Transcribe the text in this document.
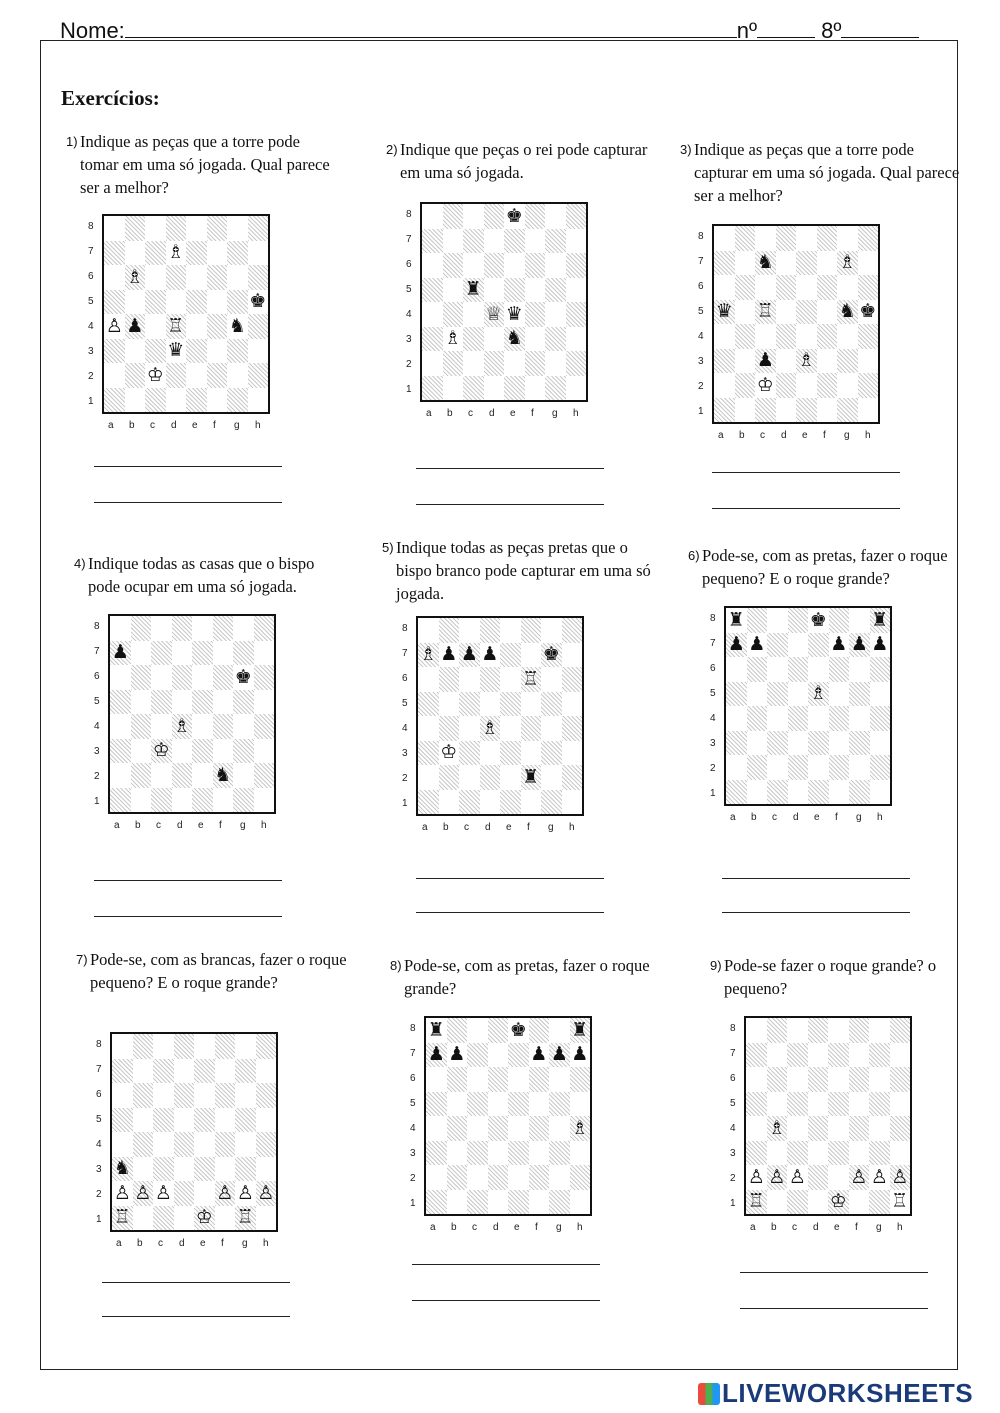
Nome:	nº	8º
Exercícios:
1) Indique as peças que a torre pode tomar em uma só jogada. Qual parece ser a melhor?
8
7
6
5
4
3
2
1
♗
♗
♚
♙ ♟ ♖ ♞
♛
♔
a b c d e f g h
2) Indique que peças o rei pode capturar em uma só jogada.
8
7
6
5
4
3
2
1
♚
♜
♕ ♛
♗ ♞
a b c d e f g h
3) Indique as peças que a torre pode capturar em uma só jogada. Qual parece ser a melhor?
8
7
6
5
4
3
2
1
♞	♗
♛ ♖	♞ ♚
♟ ♗
♔
a b c d e f g h
4) Indique todas as casas que o bispo pode ocupar em uma só jogada.
8
7
6
5
4
3
2
1
♟
♚
♗
♔
♞
a b c d e f g h
5) Indique todas as peças pretas que o bispo branco pode capturar em uma só jogada.
8
7
6
5
4
3
2
1
♗ ♟ ♟ ♟ ♚
♖
♗
♔
♜
a b c d e f g h
6) Pode-se, com as pretas, fazer o roque pequeno? E o roque grande?
8
7
6
5
4
3
2
1
♜	♚ ♜
♟ ♟	♟ ♟ ♟
♗
a b c d e f g h
7) Pode-se, com as brancas, fazer o roque pequeno? E o roque grande?
8
7
6
5
4
3
2
1
♞
♙ ♙ ♙ ♙ ♙ ♙
♖	♔ ♖
a b c d e f g h
8) Pode-se, com as pretas, fazer o roque grande?
8
7
6
5
4
3
2
1
♜	♚ ♜
♟ ♟	♟ ♟ ♟
♗
a b c d e f g h
9) Pode-se fazer o roque grande? o pequeno?
8
7
6
5
4
3
2
1
♗
♙ ♙ ♙ ♙ ♙ ♙
♖	♔ ♖
a b c d e f g h
LIVEWORKSHEETS
